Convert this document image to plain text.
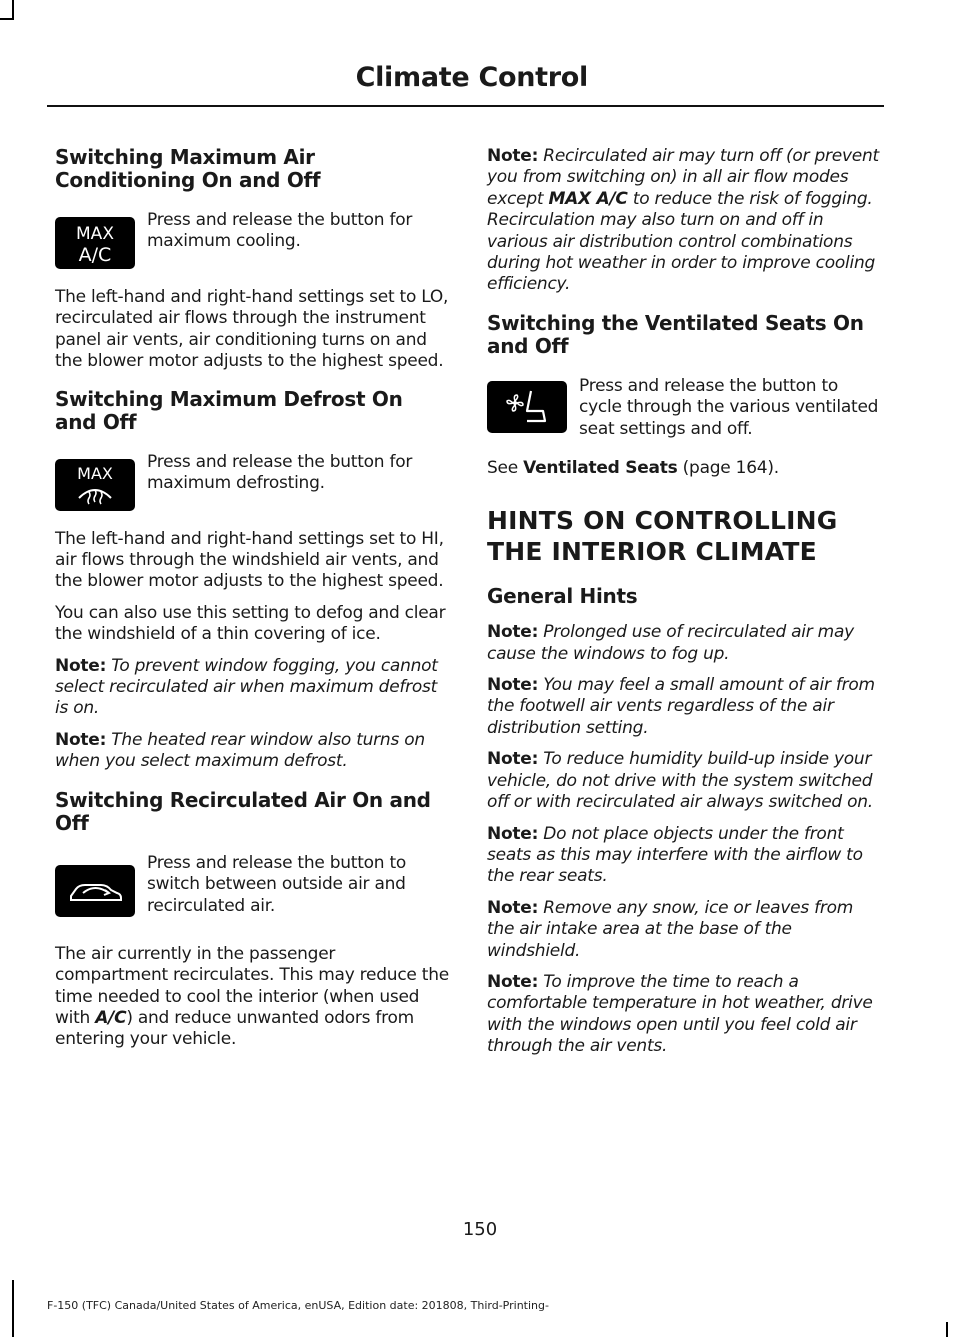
Climate Control
Switching Maximum Air Conditioning On and Off
MAX
A/C

Press and release the button for maximum cooling.

The left-hand and right-hand settings set to LO, recirculated air flows through the instrument panel air vents, air conditioning turns on and the blower motor adjusts to the highest speed.

Switching Maximum Defrost On and Off
MAX

Press and release the button for maximum defrosting.

The left-hand and right-hand settings set to HI, air flows through the windshield air vents, and the blower motor adjusts to the highest speed.

You can also use this setting to defog and clear the windshield of a thin covering of ice.

Note: To prevent window fogging, you cannot select recirculated air when maximum defrost is on.

Note: The heated rear window also turns on when you select maximum defrost.

Switching Recirculated Air On and Off

Press and release the button to switch between outside air and recirculated air.

The air currently in the passenger compartment recirculates. This may reduce the time needed to cool the interior (when used with A/C) and reduce unwanted odors from entering your vehicle.

Note: Recirculated air may turn off (or prevent you from switching on) in all air flow modes except MAX A/C to reduce the risk of fogging. Recirculation may also turn on and off in various air distribution control combinations during hot weather in order to improve cooling efficiency.

Switching the Ventilated Seats On and Off

Press and release the button to cycle through the various ventilated seat settings and off.

See Ventilated Seats (page 164).

HINTS ON CONTROLLING THE INTERIOR CLIMATE
General Hints

Note: Prolonged use of recirculated air may cause the windows to fog up.

Note: You may feel a small amount of air from the footwell air vents regardless of the air distribution setting.

Note: To reduce humidity build-up inside your vehicle, do not drive with the system switched off or with recirculated air always switched on.

Note: Do not place objects under the front seats as this may interfere with the airflow to the rear seats.

Note: Remove any snow, ice or leaves from the air intake area at the base of the windshield.

Note: To improve the time to reach a comfortable temperature in hot weather, drive with the windows open until you feel cold air through the air vents.

150
F-150 (TFC) Canada/United States of America, enUSA, Edition date: 201808, Third-Printing-
